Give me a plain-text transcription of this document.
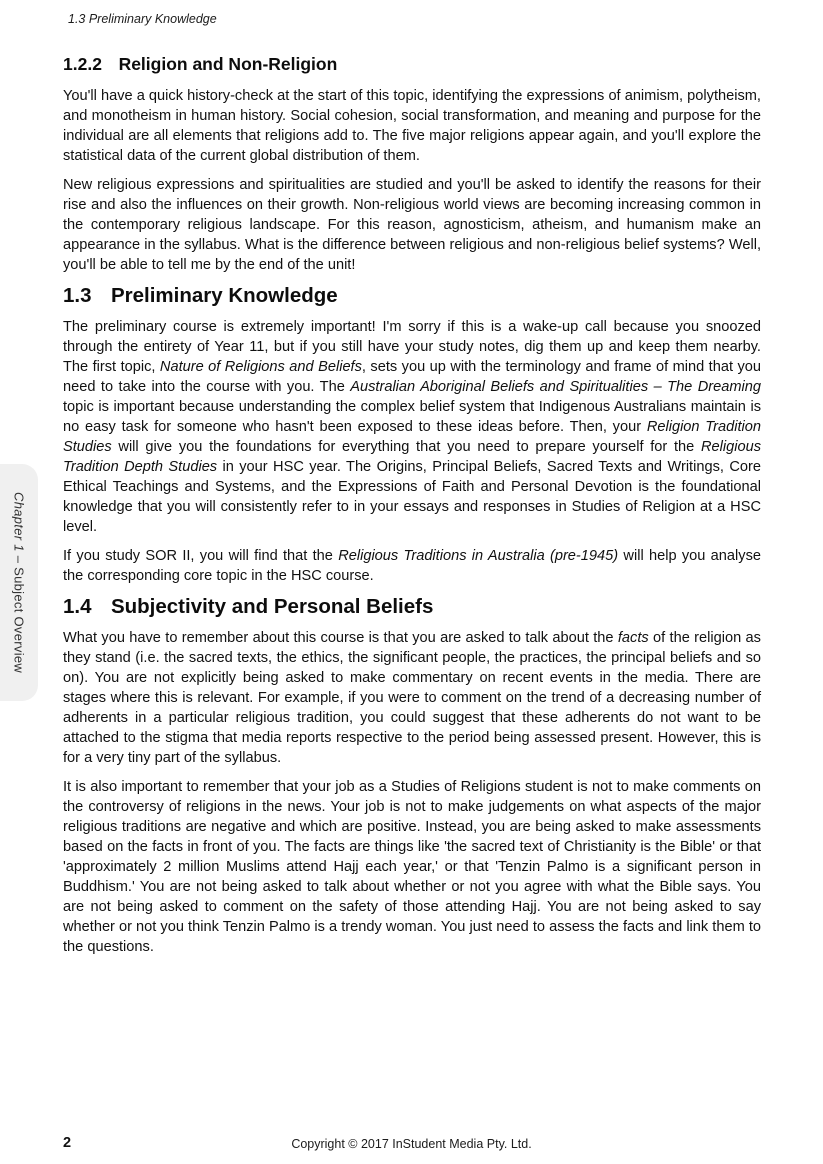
1.3 Preliminary Knowledge
Chapter 1 – Subject Overview
1.2.2 Religion and Non-Religion

You'll have a quick history-check at the start of this topic, identifying the expressions of animism, polytheism, and monotheism in human history. Social cohesion, social transformation, and meaning and purpose for the individual are all elements that religions add to. The five major religions appear again, and you'll explore the statistical data of the current global distribution of them.

New religious expressions and spiritualities are studied and you'll be asked to identify the reasons for their rise and also the influences on their growth. Non-religious world views are becoming increasing common in the contemporary religious landscape. For this reason, agnosticism, atheism, and humanism make an appearance in the syllabus. What is the difference between religious and non-religious belief systems? Well, you'll be able to tell me by the end of the unit!

1.3 Preliminary Knowledge

The preliminary course is extremely important! I'm sorry if this is a wake-up call because you snoozed through the entirety of Year 11, but if you still have your study notes, dig them up and keep them nearby. The first topic, Nature of Religions and Beliefs, sets you up with the terminology and frame of mind that you need to take into the course with you. The Australian Aboriginal Beliefs and Spiritualities – The Dreaming topic is important because understanding the complex belief system that Indigenous Australians maintain is no easy task for someone who hasn't been exposed to these ideas before. Then, your Religion Tradition Studies will give you the foundations for everything that you need to prepare yourself for the Religious Tradition Depth Studies in your HSC year. The Origins, Principal Beliefs, Sacred Texts and Writings, Core Ethical Teachings and Systems, and the Expressions of Faith and Personal Devotion is the foundational knowledge that you will consistently refer to in your essays and responses in Studies of Religion at a HSC level.

If you study SOR II, you will find that the Religious Traditions in Australia (pre-1945) will help you analyse the corresponding core topic in the HSC course.

1.4 Subjectivity and Personal Beliefs

What you have to remember about this course is that you are asked to talk about the facts of the religion as they stand (i.e. the sacred texts, the ethics, the significant people, the practices, the principal beliefs and so on). You are not explicitly being asked to make commentary on recent events in the media. There are stages where this is relevant. For example, if you were to comment on the trend of a decreasing number of adherents in a particular religious tradition, you could suggest that these adherents do not want to be attached to the stigma that media reports respective to the period being assessed present. However, this is for a very tiny part of the syllabus.

It is also important to remember that your job as a Studies of Religions student is not to make comments on the controversy of religions in the news. Your job is not to make judgements on what aspects of the major religious traditions are negative and which are positive. Instead, you are being asked to make assessments based on the facts in front of you. The facts are things like 'the sacred text of Christianity is the Bible' or that 'approximately 2 million Muslims attend Hajj each year,' or that 'Tenzin Palmo is a significant person in Buddhism.' You are not being asked to talk about whether or not you agree with what the Bible says. You are not being asked to comment on the safety of those attending Hajj. You are not being asked to say whether or not you think Tenzin Palmo is a trendy woman. You just need to assess the facts and link them to the questions.

2	Copyright © 2017 InStudent Media Pty. Ltd.
